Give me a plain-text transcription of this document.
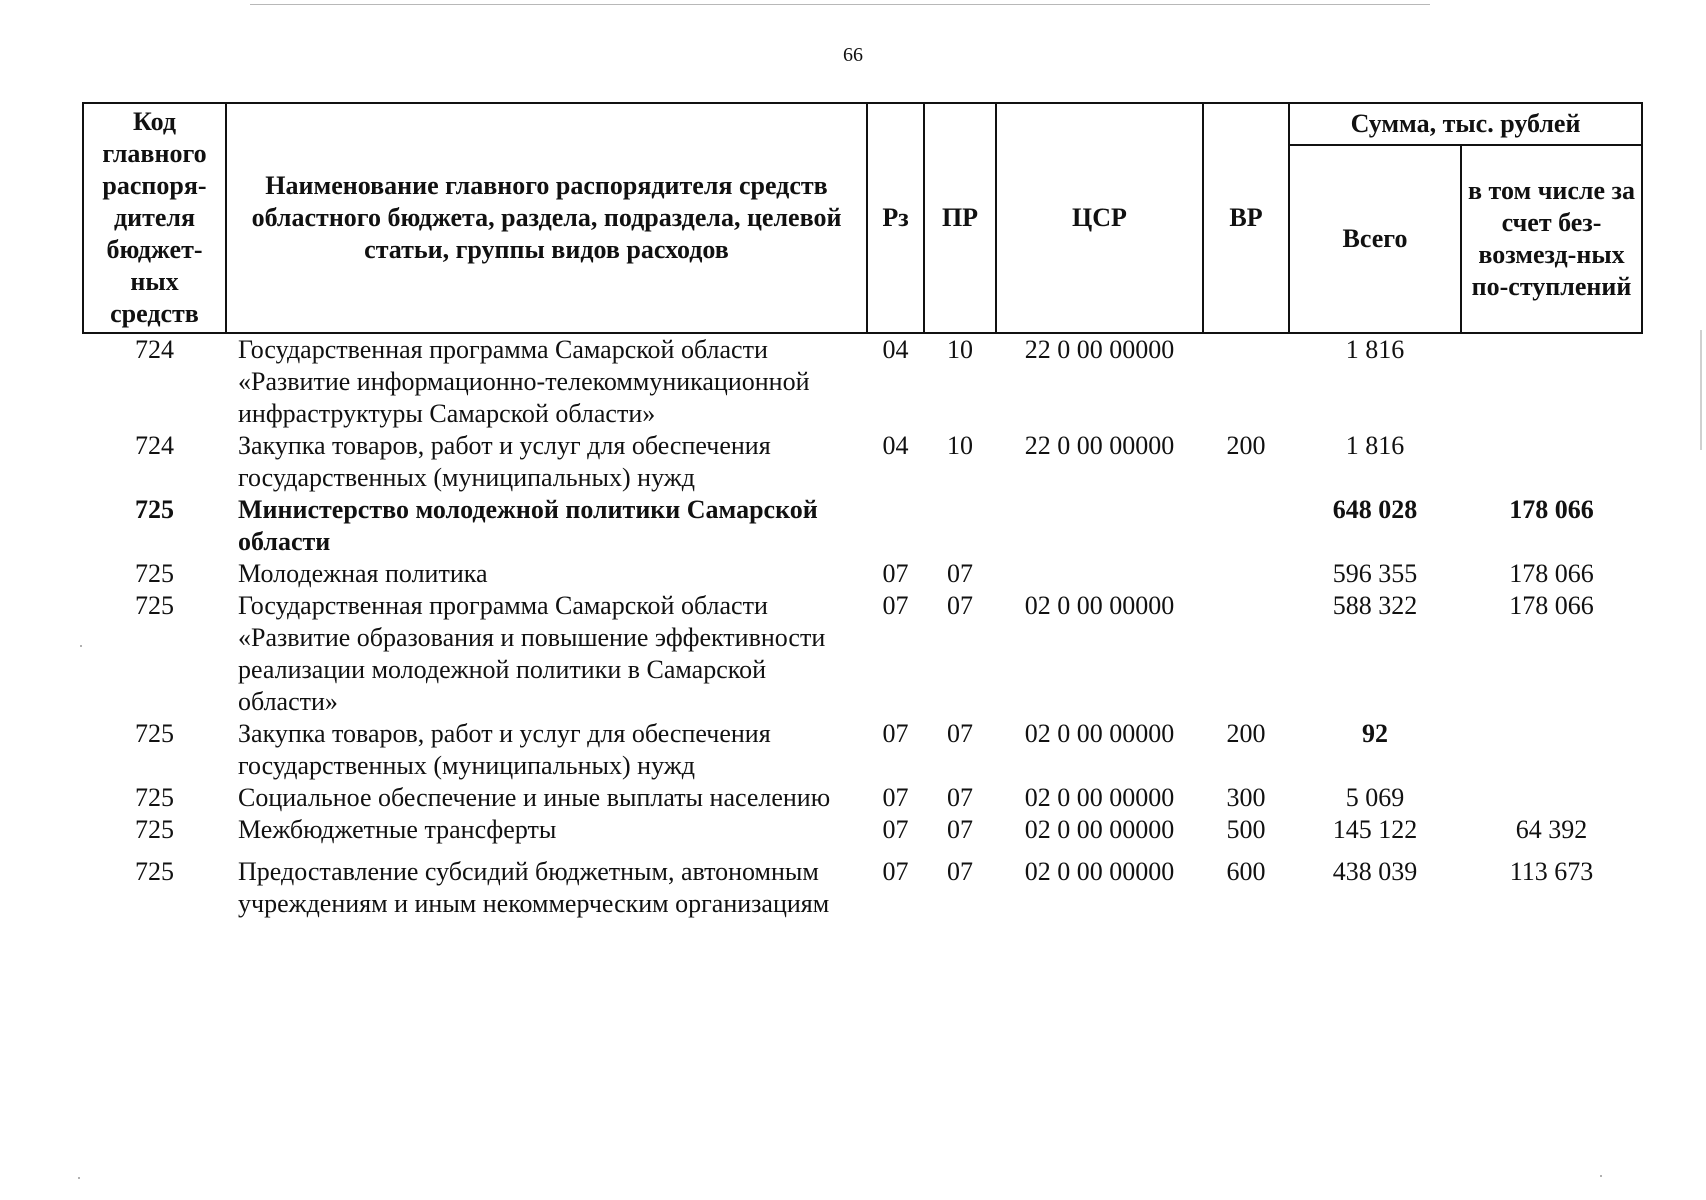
66
Код главного распоря-дителя бюджет-ных средств	Наименование главного распорядителя средств областного бюджета, раздела, подраздела, целевой статьи, группы видов расходов	Рз	ПР	ЦСР	ВР	Сумма, тыс. рублей	
						Всего	в том числе за счет без-возмезд-ных по-ступлений
724	Государственная программа Самарской области «Развитие информационно-телекоммуникационной инфраструктуры Самарской области»	04	10	22 0 00 00000		1 816	
724	Закупка товаров, работ и услуг для обеспечения государственных (муниципальных) нужд	04	10	22 0 00 00000	200	1 816	
725	Министерство молодежной политики Самарской области					648 028	178 066
725	Молодежная политика	07	07			596 355	178 066
725	Государственная программа Самарской области «Развитие образования и повышение эффективности реализации молодежной политики в Самарской области»	07	07	02 0 00 00000		588 322	178 066
725	Закупка товаров, работ и услуг для обеспечения государственных (муниципальных) нужд	07	07	02 0 00 00000	200	92	
725	Социальное обеспечение и иные выплаты населению	07	07	02 0 00 00000	300	5 069	
725	Межбюджетные трансферты	07	07	02 0 00 00000	500	145 122	64 392
725	Предоставление субсидий бюджетным, автономным учреждениям и иным некоммерческим организациям	07	07	02 0 00 00000	600	438 039	113 673
